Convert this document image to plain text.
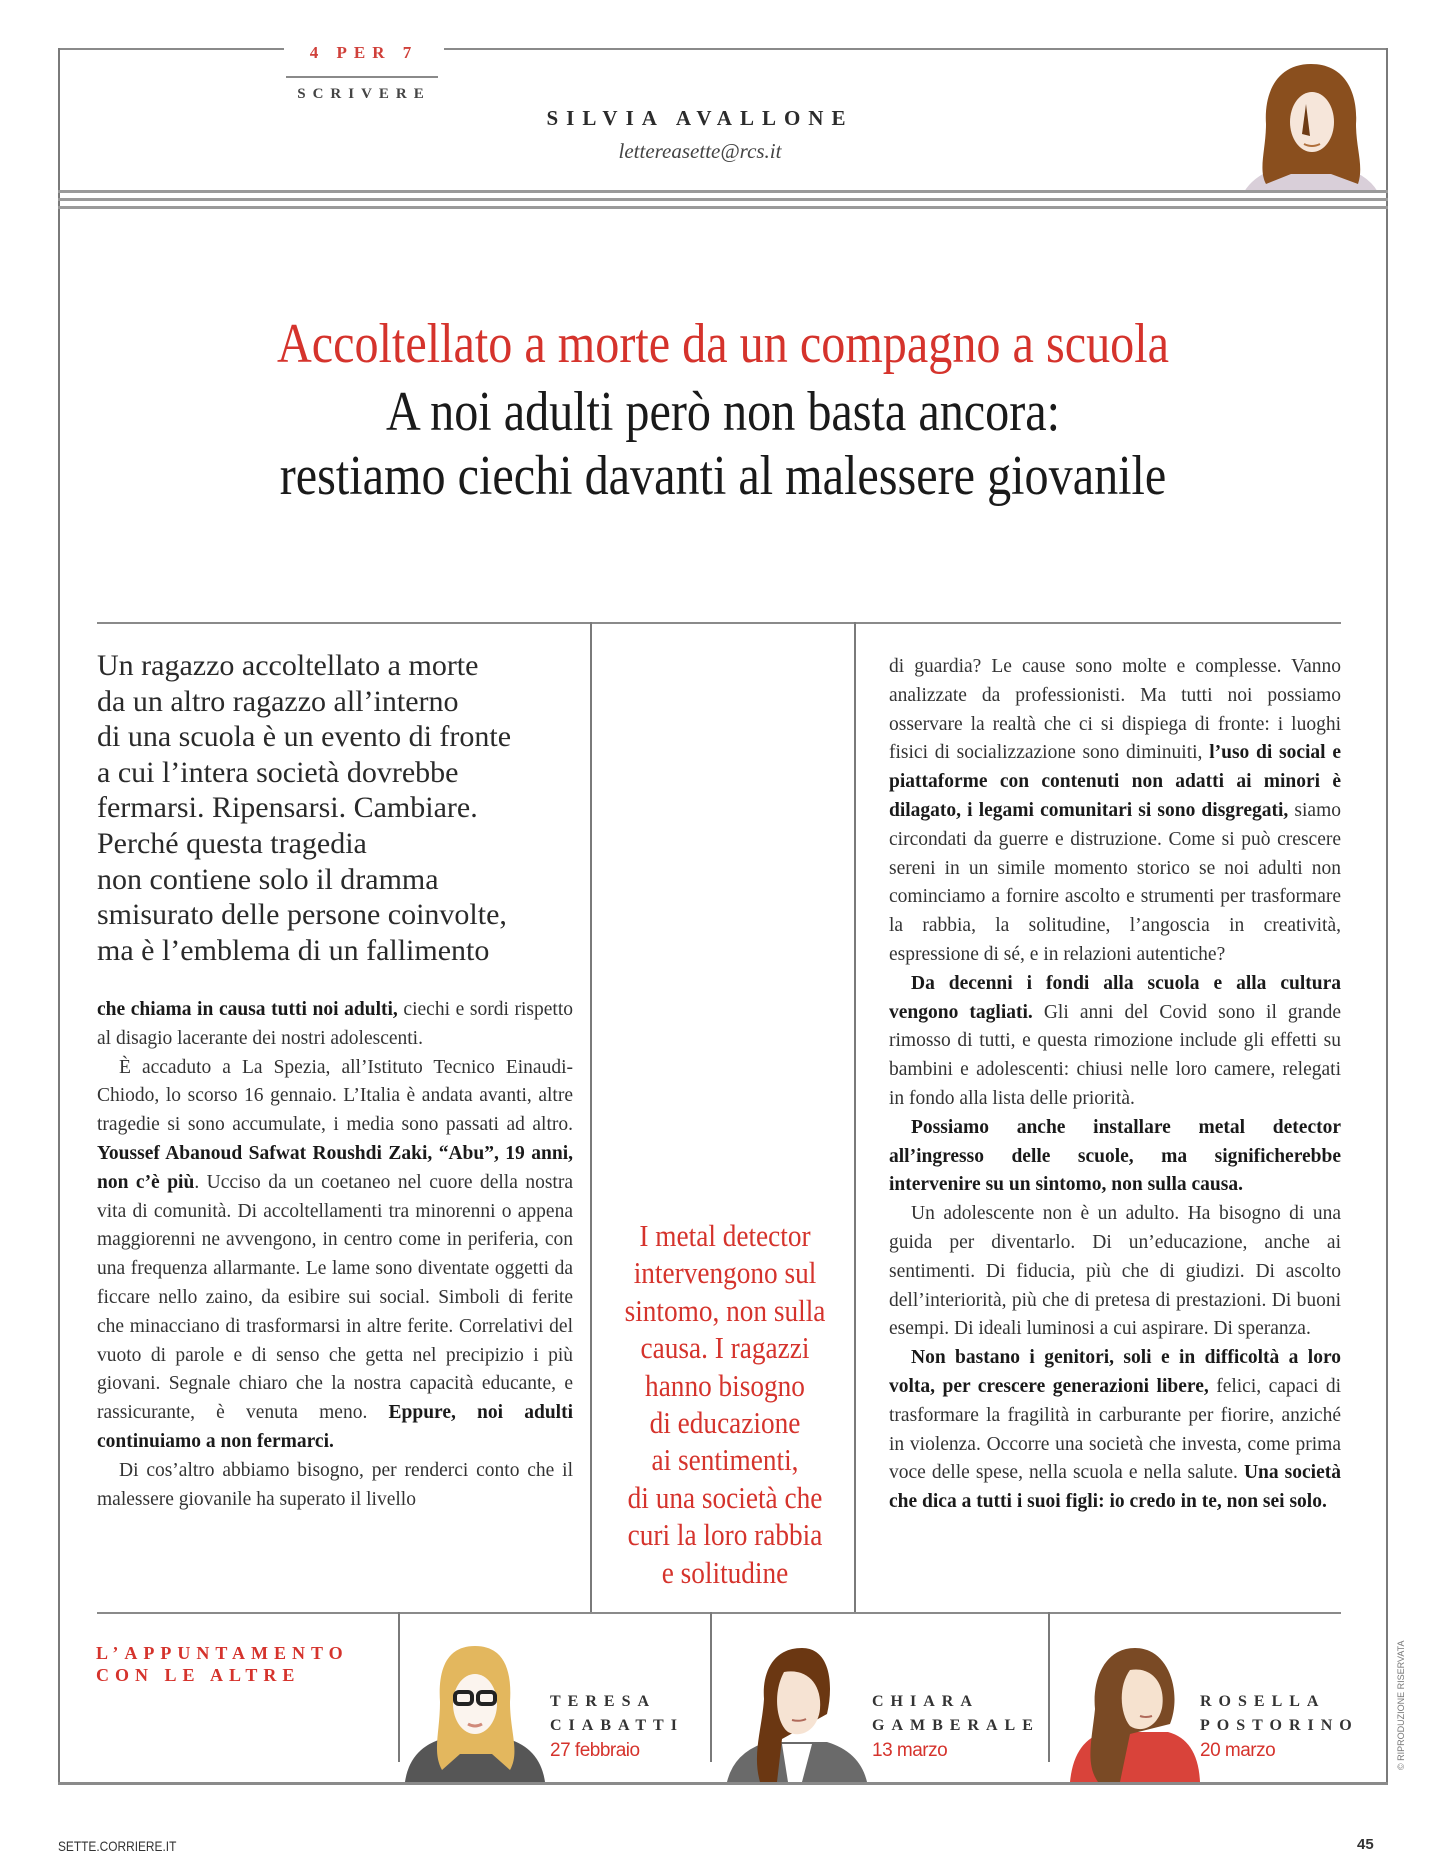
4 PER 7
SCRIVERE
SILVIA AVALLONE
lettereasette@rcs.it
Accoltellato a morte da un compagno a scuola
A noi adulti però non basta ancora:
restiamo ciechi davanti al malessere giovanile
Un ragazzo accoltellato a morte
da un altro ragazzo all’interno
di una scuola è un evento di fronte
a cui l’intera società dovrebbe
fermarsi. Ripensarsi. Cambiare.
Perché questa tragedia
non contiene solo il dramma
smisurato delle persone coinvolte,
ma è l’emblema di un fallimento

che chiama in causa tutti noi adulti, ciechi e sordi rispetto al disagio lacerante dei nostri adolescenti.

È accaduto a La Spezia, all’Istituto Tecnico Einaudi-Chiodo, lo scorso 16 gennaio. L’Italia è andata avanti, altre tragedie si sono accumulate, i media sono passati ad altro. Youssef Abanoud Safwat Roushdi Zaki, “Abu”, 19 anni, non c’è più. Ucciso da un coetaneo nel cuore della nostra vita di comunità. Di accoltellamenti tra minorenni o appena maggiorenni ne avvengono, in centro come in periferia, con una frequenza allarmante. Le lame sono diventate oggetti da ficcare nello zaino, da esibire sui social. Simboli di ferite che minacciano di trasformarsi in altre ferite. Correlativi del vuoto di parole e di senso che getta nel precipizio i più giovani. Segnale chiaro che la nostra capacità educante, e rassicurante, è venuta meno. Eppure, noi adulti continuiamo a non fermarci.

Di cos’altro abbiamo bisogno, per renderci conto che il malessere giovanile ha superato il livello

I metal detector
intervengono sul
sintomo, non sulla
causa. I ragazzi
hanno bisogno
di educazione
ai sentimenti,
di una società che
curi la loro rabbia
e solitudine

di guardia? Le cause sono molte e complesse. Vanno analizzate da professionisti. Ma tutti noi possiamo osservare la realtà che ci si dispiega di fronte: i luoghi fisici di socializzazione sono diminuiti, l’uso di social e piattaforme con contenuti non adatti ai minori è dilagato, i legami comunitari si sono disgregati, siamo circondati da guerre e distruzione. Come si può crescere sereni in un simile momento storico se noi adulti non cominciamo a fornire ascolto e strumenti per trasformare la rabbia, la solitudine, l’angoscia in creatività, espressione di sé, e in relazioni autentiche?

Da decenni i fondi alla scuola e alla cultura vengono tagliati. Gli anni del Covid sono il grande rimosso di tutti, e questa rimozione include gli effetti su bambini e adolescenti: chiusi nelle loro camere, relegati in fondo alla lista delle priorità.

Possiamo anche installare metal detector all’ingresso delle scuole, ma significherebbe intervenire su un sintomo, non sulla causa.

Un adolescente non è un adulto. Ha bisogno di una guida per diventarlo. Di un’educazione, anche ai sentimenti. Di fiducia, più che di giudizi. Di ascolto dell’interiorità, più che di pretesa di prestazioni. Di buoni esempi. Di ideali luminosi a cui aspirare. Di speranza.

Non bastano i genitori, soli e in difficoltà a loro volta, per crescere generazioni libere, felici, capaci di trasformare la fragilità in carburante per fiorire, anziché in violenza. Occorre una società che investa, come prima voce delle spese, nella scuola e nella salute. Una società che dica a tutti i suoi figli: io credo in te, non sei solo.

L’APPUNTAMENTO
CON LE ALTRE
TERESA
CIABATTI
27 febbraio
CHIARA
GAMBERALE
13 marzo
ROSELLA
POSTORINO
20 marzo	© RIPRODUZIONE RISERVATA
SETTE.CORRIERE.IT	45
